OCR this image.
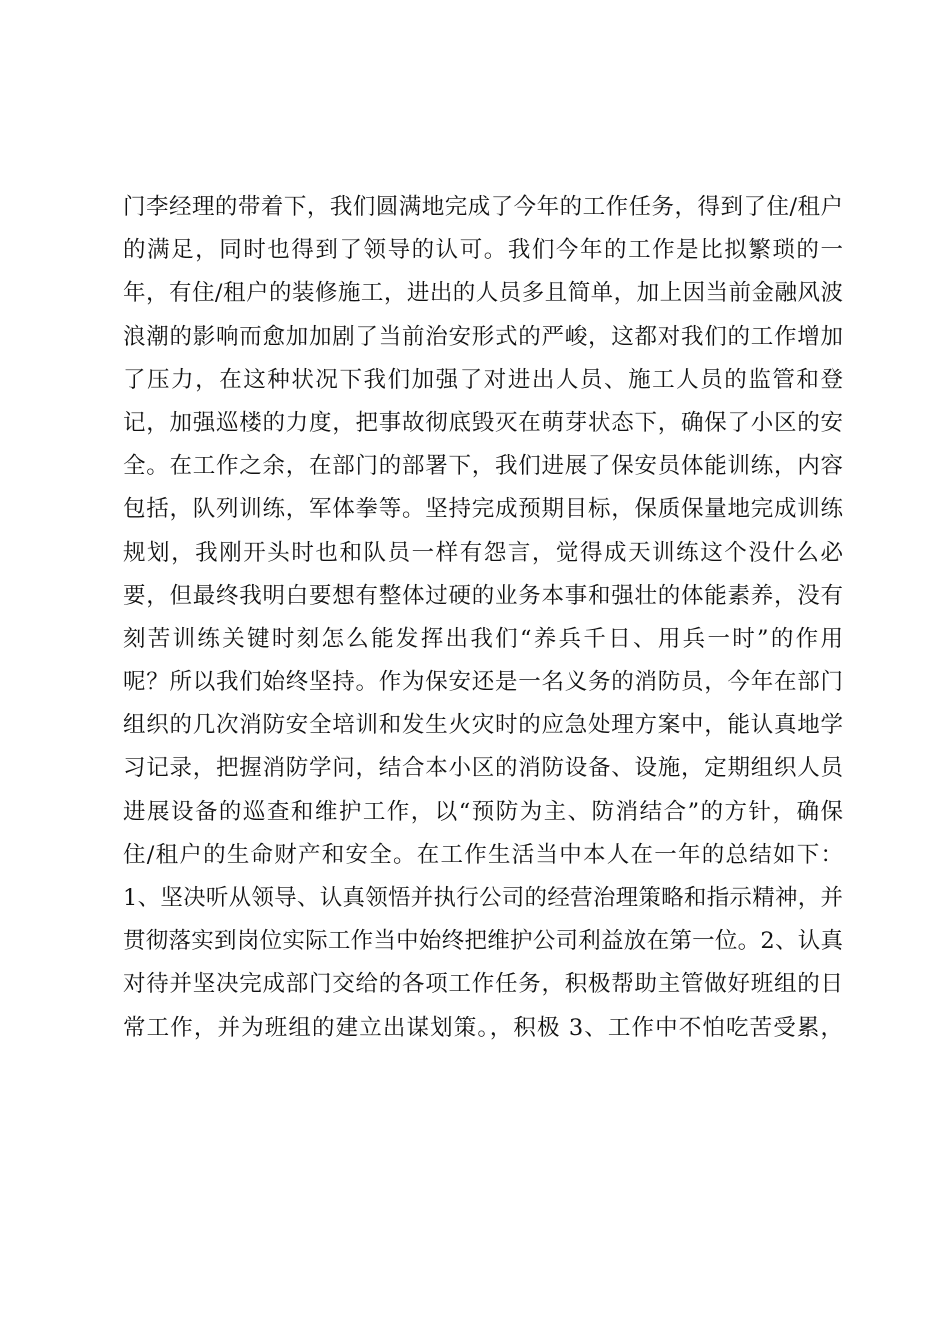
门李经理的带着下，我们圆满地完成了今年的工作任务，得到了住/租户
的满足，同时也得到了领导的认可。我们今年的工作是比拟繁琐的一
年，有住/租户的装修施工，进出的人员多且简单，加上因当前金融风波
浪潮的影响而愈加加剧了当前治安形式的严峻，这都对我们的工作增加
了压力，在这种状况下我们加强了对进出人员、施工人员的监管和登
记，加强巡楼的力度，把事故彻底毁灭在萌芽状态下，确保了小区的安
全。在工作之余，在部门的部署下，我们进展了保安员体能训练，内容
包括，队列训练，军体拳等。坚持完成预期目标，保质保量地完成训练
规划，我刚开头时也和队员一样有怨言，觉得成天训练这个没什么必
要，但最终我明白要想有整体过硬的业务本事和强壮的体能素养，没有
刻苦训练关键时刻怎么能发挥出我们“养兵千日、用兵一时”的作用
呢？所以我们始终坚持。作为保安还是一名义务的消防员，今年在部门
组织的几次消防安全培训和发生火灾时的应急处理方案中，能认真地学
习记录，把握消防学问，结合本小区的消防设备、设施，定期组织人员
进展设备的巡查和维护工作，以“预防为主、防消结合”的方针，确保
住/租户的生命财产和安全。在工作生活当中本人在一年的总结如下：
1、坚决听从领导、认真领悟并执行公司的经营治理策略和指示精神，并
贯彻落实到岗位实际工作当中始终把维护公司利益放在第一位。2、认真
对待并坚决完成部门交给的各项工作任务，积极帮助主管做好班组的日
常工作，并为班组的建立出谋划策。，积极 3、工作中不怕吃苦受累，
